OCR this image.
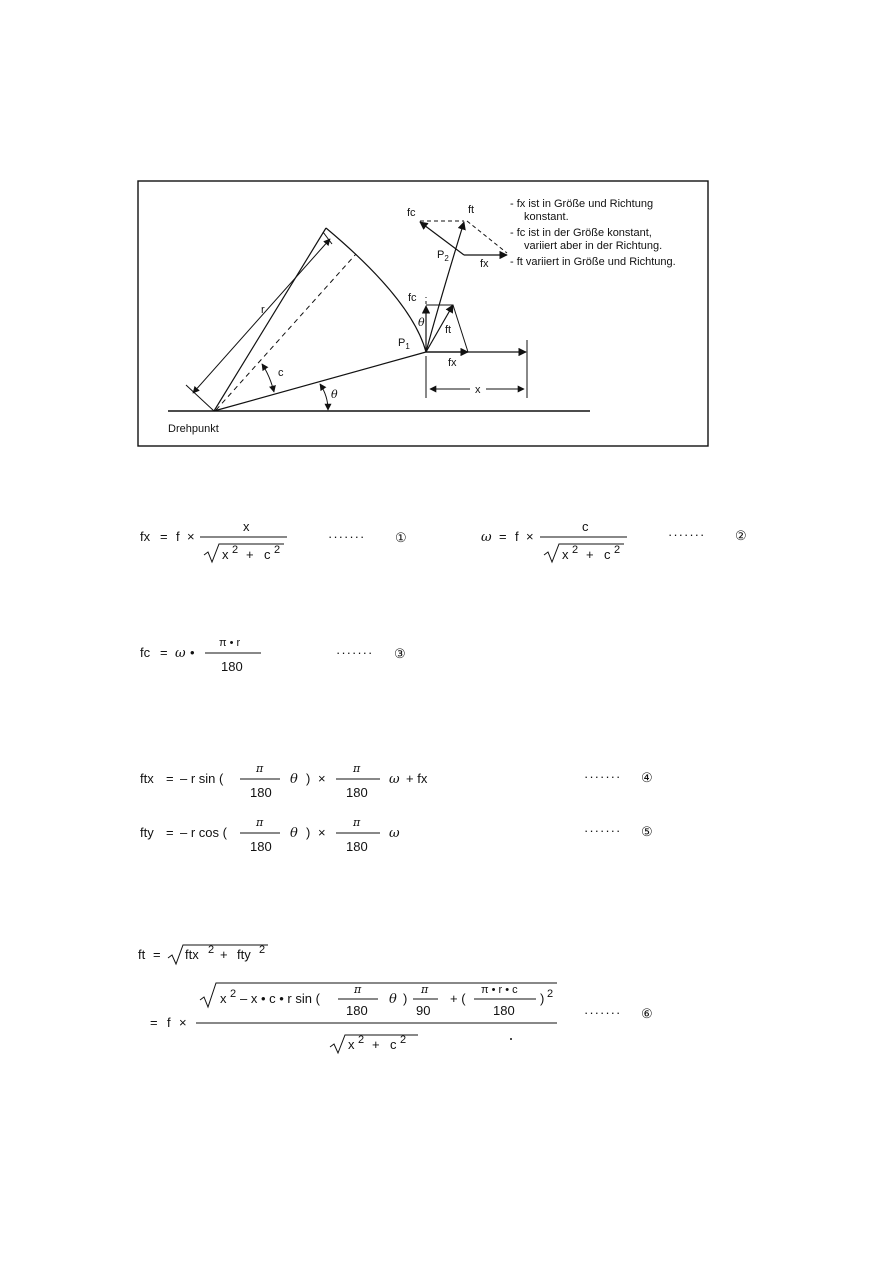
r
c
θ
θ
$P_1$
$P_2$
fc
ft
fx
fc	ft
fx
x
Drehpunkt
- fx ist in Größe und Richtung
konstant.
- fc ist in der Größe konstant,
variiert aber in der Richtung.
- ft variiert in Größe und Richtung.
fx = f ×
x
x 2 + c 2
······· ①	ω = f ×
c
x 2 + c 2
······· ②
fc = ω •
π • r
180
······· ③
ftx = – r sin (
π
180
θ ) ×
π
180
ω + fx	······· ④
fty = – r cos (
π
180
θ ) ×
π
180
ω	······· ⑤
ft = ftx 2 + fty 2
= f ×
x 2 – x • c • r sin (
π
180
θ )
π
90
+ (
π • r • c
180
) 2
x 2 + c 2
······· ⑥
